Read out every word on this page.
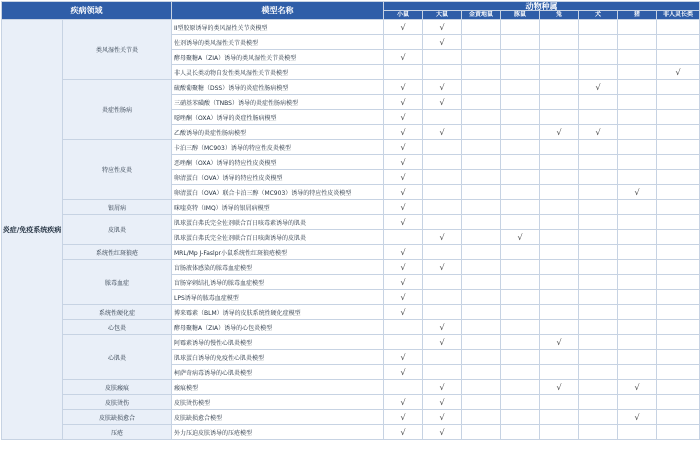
疾病领域		模型名称	动物种属							
			小鼠	大鼠	金黄地鼠	豚鼠	兔	犬	猪	非人灵长类
炎症/免疫系统疾病	类风湿性关节炎	II型胶原诱导的类风湿性关节炎模型	√	√						
		佐剂诱导的类风湿性关节炎模型		√						
		酵母聚糖A（ZIA）诱导的类风湿性关节炎模型	√							
		非人灵长类动物自发性类风湿性关节炎模型								√
	炎症性肠病	硫酸葡聚糖（DSS）诱导的炎症性肠病模型	√	√				√		
		三硝基苯磺酸（TNBS）诱导的炎症性肠病模型	√	√						
		噁唑酮（OXA）诱导的炎症性肠病模型	√							
		乙酸诱导的炎症性肠病模型	√	√			√	√		
	特应性皮炎	卡泊三醇（MC903）诱导的特应性皮炎模型	√							
		恶唑酮（OXA）诱导的特应性皮炎模型	√							
		卵清蛋白（OVA）诱导的特应性皮炎模型	√							
		卵清蛋白（OVA）联合卡泊三醇（MC903）诱导的特应性皮炎模型	√						√	
	银屑病	咪喹莫特（IMQ）诱导的银屑病模型	√							
	皮肌炎	肌球蛋白弗氏完全佐剂联合百日咳毒素诱导的肌炎	√							
		肌球蛋白弗氏完全佐剂联合百日咳菌诱导的皮肌炎		√		√				
	系统性红斑狼疮	MRL/Mp J-Faslpr小鼠系统性红斑狼疮模型	√							
	脓毒血症	盲肠液体感染的脓毒血症模型	√	√						
		盲肠穿刺结扎诱导的脓毒血症模型	√							
		LPS诱导的脓毒血症模型	√							
	系统性硬化症	博来霉素（BLM）诱导的皮肤系统性硬化症模型	√							
	心包炎	酵母聚糖A（ZIA）诱导的心包炎模型		√						
	心肌炎	阿霉素诱导的慢性心肌炎模型		√			√			
		肌球蛋白诱导的免疫性心肌炎模型	√							
		柯萨奇病毒诱导的心肌炎模型	√							
	皮肤瘢痕	瘢痕模型		√			√		√	
	皮肤烫伤	皮肤烫伤模型	√	√						
	皮肤缺损愈合	皮肤缺损愈合模型	√	√					√	
	压疮	外力压迫皮肤诱导的压疮模型	√	√						
